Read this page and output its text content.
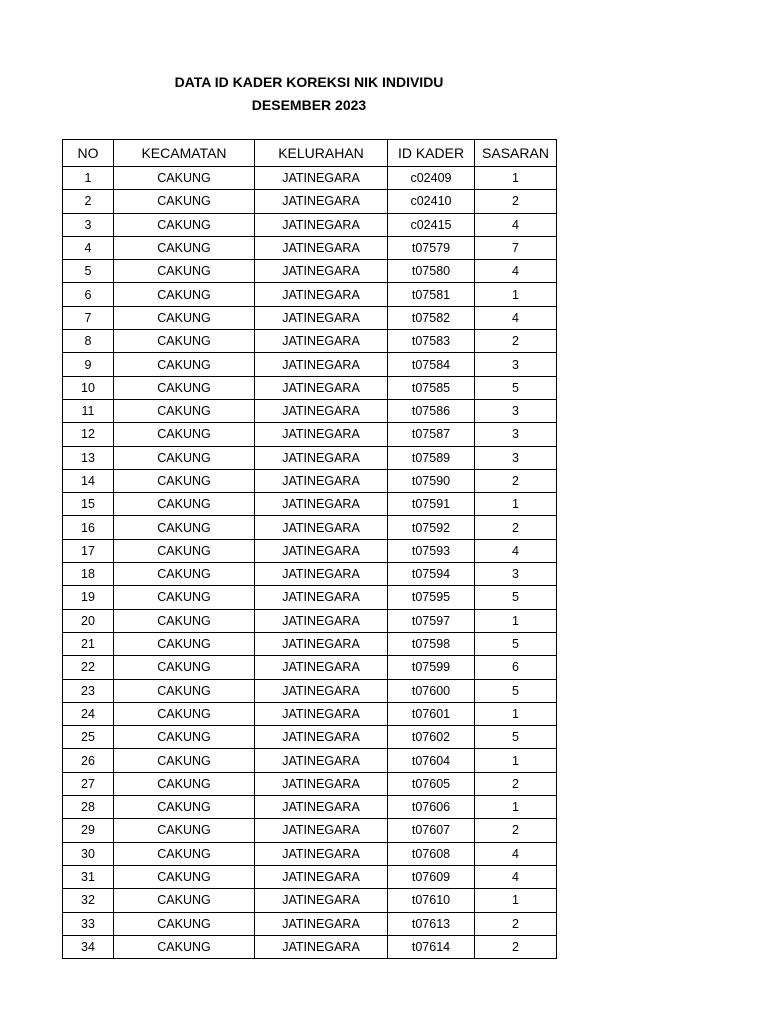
DATA ID KADER KOREKSI NIK INDIVIDU
DESEMBER 2023
NO	KECAMATAN	KELURAHAN	ID KADER	SASARAN
1	CAKUNG	JATINEGARA	c02409	1
2	CAKUNG	JATINEGARA	c02410	2
3	CAKUNG	JATINEGARA	c02415	4
4	CAKUNG	JATINEGARA	t07579	7
5	CAKUNG	JATINEGARA	t07580	4
6	CAKUNG	JATINEGARA	t07581	1
7	CAKUNG	JATINEGARA	t07582	4
8	CAKUNG	JATINEGARA	t07583	2
9	CAKUNG	JATINEGARA	t07584	3
10	CAKUNG	JATINEGARA	t07585	5
11	CAKUNG	JATINEGARA	t07586	3
12	CAKUNG	JATINEGARA	t07587	3
13	CAKUNG	JATINEGARA	t07589	3
14	CAKUNG	JATINEGARA	t07590	2
15	CAKUNG	JATINEGARA	t07591	1
16	CAKUNG	JATINEGARA	t07592	2
17	CAKUNG	JATINEGARA	t07593	4
18	CAKUNG	JATINEGARA	t07594	3
19	CAKUNG	JATINEGARA	t07595	5
20	CAKUNG	JATINEGARA	t07597	1
21	CAKUNG	JATINEGARA	t07598	5
22	CAKUNG	JATINEGARA	t07599	6
23	CAKUNG	JATINEGARA	t07600	5
24	CAKUNG	JATINEGARA	t07601	1
25	CAKUNG	JATINEGARA	t07602	5
26	CAKUNG	JATINEGARA	t07604	1
27	CAKUNG	JATINEGARA	t07605	2
28	CAKUNG	JATINEGARA	t07606	1
29	CAKUNG	JATINEGARA	t07607	2
30	CAKUNG	JATINEGARA	t07608	4
31	CAKUNG	JATINEGARA	t07609	4
32	CAKUNG	JATINEGARA	t07610	1
33	CAKUNG	JATINEGARA	t07613	2
34	CAKUNG	JATINEGARA	t07614	2
